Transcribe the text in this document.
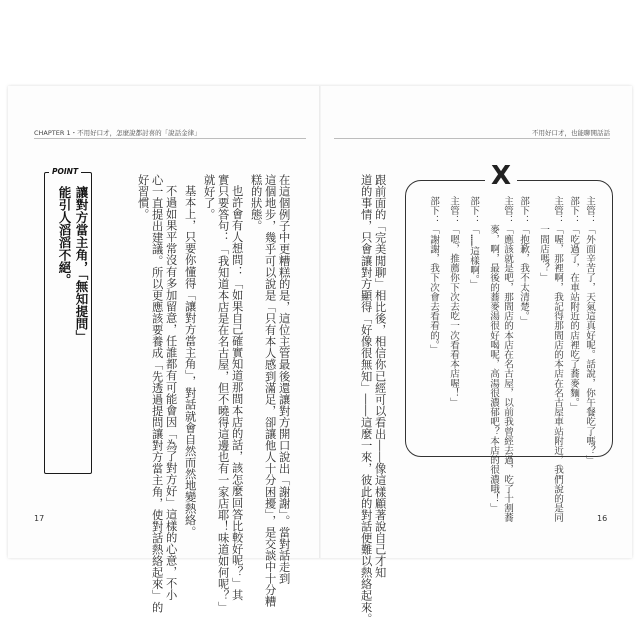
CHAPTER 1・不用好口才，怎麼說都討喜的「說話金律」
POINT
讓對方當主角，「無知提問」
能引人滔滔不絕。	在這個例子中更糟糕的是，這位主管最後還讓對方開口說出「謝謝」。當對話走到
這個地步，幾乎可以說是「只有本人感到滿足，卻讓他人十分困擾」，是交談中十分糟
糕的狀態。
也許會有人想問：「如果自己確實知道那間本店的話，該怎麼回答比較好呢？」其
實只要答句：「我知道本店是在名古屋，但不曉得這邊也有一家店耶！味道如何呢？」
就好了。
基本上，只要你懂得「讓對方當主角」，對話就會自然而然地變熱絡。
不過如果平常沒有多加留意，任誰都有可能會因「為了對方好」這樣的心意，不小
心一直提出建議。所以更應該要養成「先透過提問讓對方當主角，使對話熱絡起來」的
好習慣。
17
不用好口才，也能聊開話話
跟前面的「完美閒聊」相比後，相信你已經可以看出――像這樣顧著說自己才知
道的事情，只會讓對方顯得「好像很無知」――這麼一來，彼此的對話便難以熱絡起來。	X
主管：「外面辛苦了，天氣這真好呢。話說，你午餐吃了嗎？」
部下：「吃過了，在車站附近的店裡吃了蕎麥麵。」
主管：「喔，那裡啊，我記得那間店的本店在名古屋車站附近，我們說的是同
　　　一間店嗎？」
部下：「抱歉，我不太清楚。」
主管：「應該就是吧，那間店的本店在名古屋，以前我曾經去過，吃了十割蕎
　　　麥，啊，最後的蕎麥湯很好喝呢，高湯很濃郁吧？本店的很濃哦！」
部下：「……這樣啊。」
主管：「嗯，推薦你下次去吃一次看看本店喔！」
部下：「謝謝，我下次會去看看的。」
16
